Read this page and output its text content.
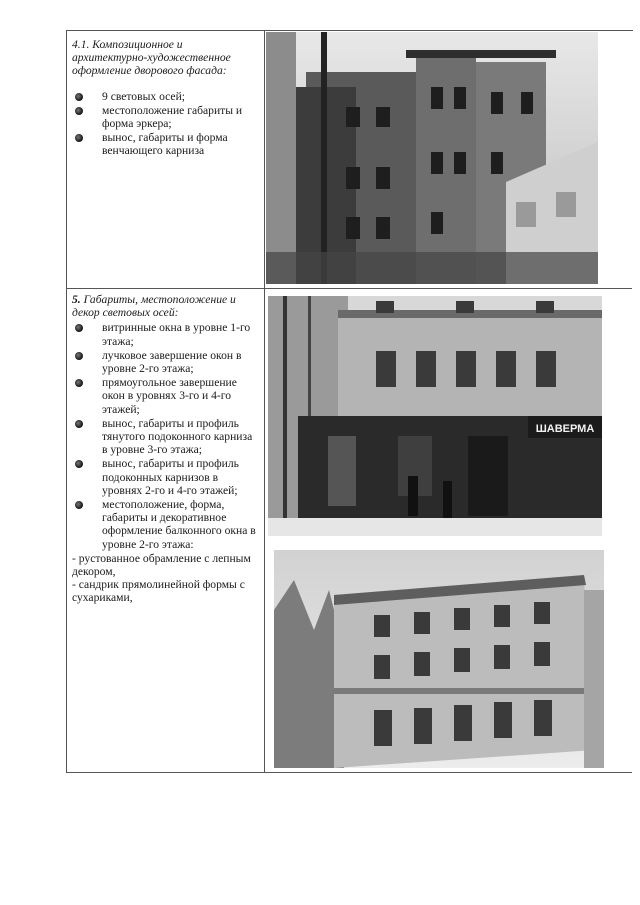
4.1. Композиционное и архитектурно-художественное оформление дворового фасада:

9 световых осей;
местоположение габариты и форма эркера;
вынос, габариты и форма венчающего карниза

5. Габариты, местоположение и декор световых осей:

витринные окна в уровне 1-го этажа;
лучковое завершение окон в уровне 2-го этажа;
прямоугольное завершение окон в уровнях 3-го и 4-го этажей;
вынос, габариты и профиль тянутого подоконного карниза в уровне 3-го этажа;
вынос, габариты и профиль подоконных карнизов в уровнях 2-го и 4-го этажей;
местоположение, форма, габариты и декоративное оформление балконного окна в уровне 2-го этажа:
- рустованное обрамление с лепным декором,
- сандрик прямолинейной формы с сухариками,
ШАВЕРМА
